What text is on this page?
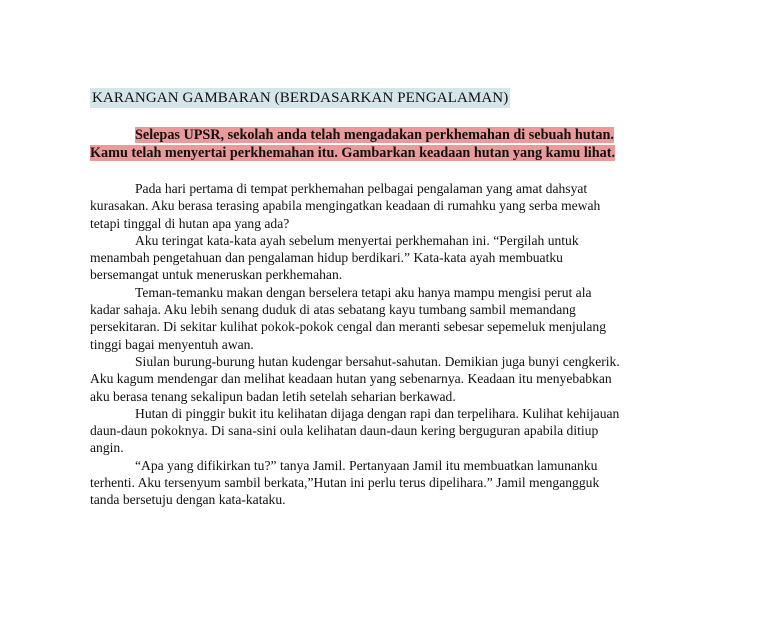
KARANGAN GAMBARAN (BERDASARKAN PENGALAMAN)
Selepas UPSR, sekolah anda telah mengadakan perkhemahan di sebuah hutan.
Kamu telah menyertai perkhemahan itu. Gambarkan keadaan hutan yang kamu lihat.

Pada hari pertama di tempat perkhemahan pelbagai pengalaman yang amat dahsyat
kurasakan. Aku berasa terasing apabila mengingatkan keadaan di rumahku yang serba mewah
tetapi tinggal di hutan apa yang ada?

Aku teringat kata-kata ayah sebelum menyertai perkhemahan ini. “Pergilah untuk
menambah pengetahuan dan pengalaman hidup berdikari.” Kata-kata ayah membuatku
bersemangat untuk meneruskan perkhemahan.

Teman-temanku makan dengan berselera tetapi aku hanya mampu mengisi perut ala
kadar sahaja. Aku lebih senang duduk di atas sebatang kayu tumbang sambil memandang
persekitaran. Di sekitar kulihat pokok-pokok cengal dan meranti sebesar sepemeluk menjulang
tinggi bagai menyentuh awan.

Siulan burung-burung hutan kudengar bersahut-sahutan. Demikian juga bunyi cengkerik.
Aku kagum mendengar dan melihat keadaan hutan yang sebenarnya. Keadaan itu menyebabkan
aku berasa tenang sekalipun badan letih setelah seharian berkawad.

Hutan di pinggir bukit itu kelihatan dijaga dengan rapi dan terpelihara. Kulihat kehijauan
daun-daun pokoknya. Di sana-sini oula kelihatan daun-daun kering berguguran apabila ditiup
angin.

“Apa yang difikirkan tu?” tanya Jamil. Pertanyaan Jamil itu membuatkan lamunanku
terhenti. Aku tersenyum sambil berkata,”Hutan ini perlu terus dipelihara.” Jamil mengangguk
tanda bersetuju dengan kata-kataku.
